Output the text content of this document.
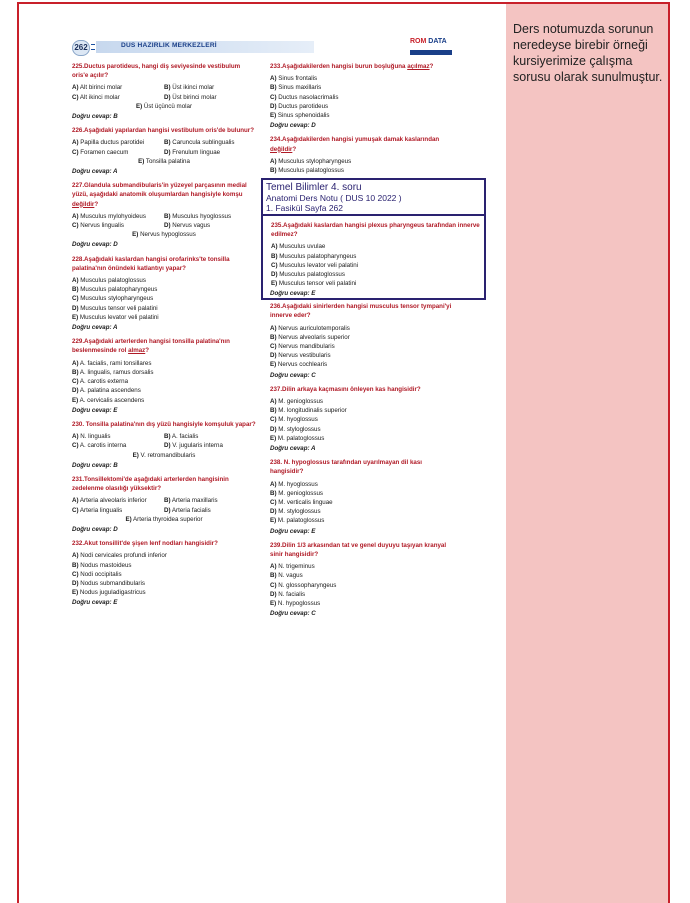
Ders notumuzda sorunun neredeyse birebir örneği kursiyerimize çalışma sorusu olarak sunulmuştur.
262	DUS HAZIRLIK MERKEZLERİ
ROM DATA
225.Ductus parotideus, hangi diş seviyesinde vestibulum oris'e açılır?
A) Alt birinci molar	B) Üst ikinci molar
C) Alt ikinci molar	D) Üst birinci molar
E) Üst üçüncü molar
Doğru cevap: B
226.Aşağıdaki yapılardan hangisi vestibulum oris'de bulunur?
A) Papilla ductus parotidei	B) Caruncula sublingualis
C) Foramen caecum	D) Frenulum linguae
E) Tonsilla palatina
Doğru cevap: A
227.Glandula submandibularis'in yüzeyel parçasının medial yüzü, aşağıdaki anatomik oluşumlardan hangisiyle komşu değildir?
A) Musculus mylohyoideus	B) Musculus hyoglossus
C) Nervus lingualis	D) Nervus vagus
E) Nervus hypoglossus
Doğru cevap: D
228.Aşağıdaki kaslardan hangisi orofarinks'te tonsilla palatina'nın önündeki katlantıyı yapar?
A) Musculus palatoglossus
B) Musculus palatopharyngeus
C) Musculus stylopharyngeus
D) Musculus tensor veli palatini
E) Musculus levator veli palatini
Doğru cevap: A
229.Aşağıdaki arterlerden hangisi tonsilla palatina'nın beslenmesinde rol almaz?
A) A. facialis, rami tonsillares
B) A. lingualis, ramus dorsalis
C) A. carotis externa
D) A. palatina ascendens
E) A. cervicalis ascendens
Doğru cevap: E
230. Tonsilla palatina'nın dış yüzü hangisiyle komşuluk yapar?
A) N. lingualis	B) A. facialis
C) A. carotis interna	D) V. jugularis interna
E) V. retromandibularis
Doğru cevap: B
231.Tonsillektomi'de aşağıdaki arterlerden hangisinin zedelenme olasılığı yüksektir?
A) Arteria alveolaris inferior	B) Arteria maxillaris
C) Arteria lingualis	D) Arteria facialis
E) Arteria thyroidea superior
Doğru cevap: D
232.Akut tonsillit'de şişen lenf nodları hangisidir?
A) Nodi cervicales profundi inferior
B) Nodus mastoideus
C) Nodi occipitalis
D) Nodus submandibularis
E) Nodus juguladigastricus
Doğru cevap: E
233.Aşağıdakilerden hangisi burun boşluğuna açılmaz?
A) Sinus frontalis
B) Sinus maxillaris
C) Ductus nasolacrimalis
D) Ductus parotideus
E) Sinus sphenoidalis
Doğru cevap: D
234.Aşağıdakilerden hangisi yumuşak damak kaslarından değildir?
A) Musculus stylopharyngeus
B) Musculus palatoglossus
Temel Bilimler 4. soru
Anatomi Ders Notu ( DUS 10 2022 )
1. Fasikül Sayfa 262
235.Aşağıdaki kaslardan hangisi plexus pharyngeus tarafından innerve edilmez?
A) Musculus uvulae
B) Musculus palatopharyngeus
C) Musculus levator veli palatini
D) Musculus palatoglossus
E) Musculus tensor veli palatini
Doğru cevap: E
236.Aşağıdaki sinirlerden hangisi musculus tensor tympani'yi innerve eder?
A) Nervus auriculotemporalis
B) Nervus alveolaris superior
C) Nervus mandibularis
D) Nervus vestibularis
E) Nervus cochlearis
Doğru cevap: C
237.Dilin arkaya kaçmasını önleyen kas hangisidir?
A) M. genioglossus
B) M. longitudinalis superior
C) M. hyoglossus
D) M. styloglossus
E) M. palatoglossus
Doğru cevap: A
238. N. hypoglossus tarafından uyarılmayan dil kası hangisidir?
A) M. hyoglossus
B) M. genioglossus
C) M. verticalis linguae
D) M. styloglossus
E) M. palatoglossus
Doğru cevap: E
239.Dilin 1/3 arkasından tat ve genel duyuyu taşıyan kranyal sinir hangisidir?
A) N. trigeminus
B) N. vagus
C) N. glossopharyngeus
D) N. facialis
E) N. hypoglossus
Doğru cevap: C
